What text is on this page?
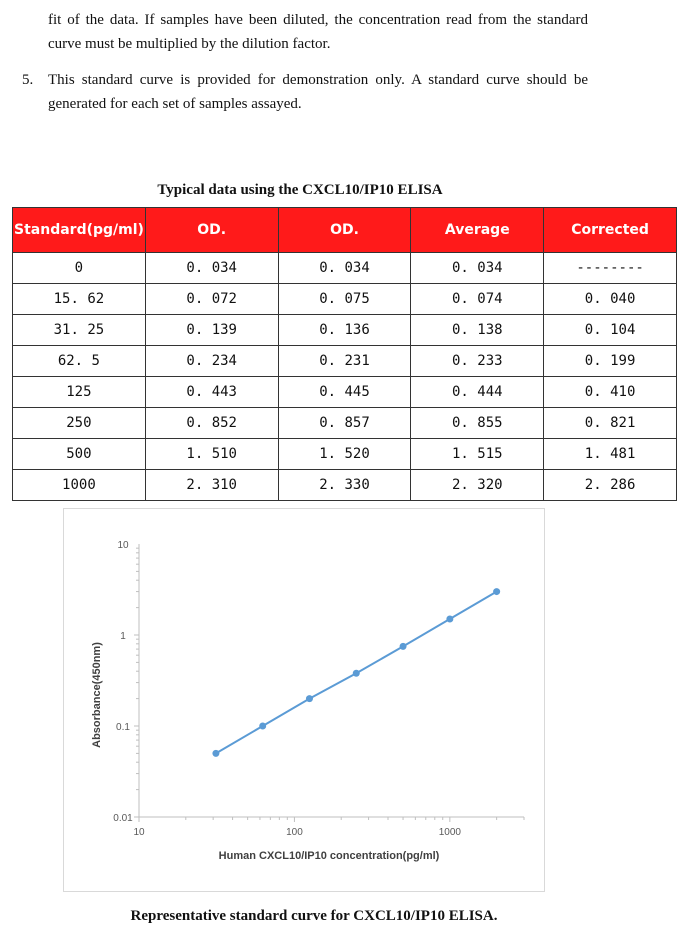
fit of the data. If samples have been diluted, the concentration read from the standard curve must be multiplied by the dilution factor.
5. This standard curve is provided for demonstration only. A standard curve should be generated for each set of samples assayed.
Typical data using the CXCL10/IP10 ELISA
Standard(pg/ml)	OD.	OD.	Average	Corrected
0	0. 034	0. 034	0. 034	--------
15. 62	0. 072	0. 075	0. 074	0. 040
31. 25	0. 139	0. 136	0. 138	0. 104
62. 5	0. 234	0. 231	0. 233	0. 199
125	0. 443	0. 445	0. 444	0. 410
250	0. 852	0. 857	0. 855	0. 821
500	1. 510	1. 520	1. 515	1. 481
1000	2. 310	2. 330	2. 320	2. 286
0.01
0.1
1
10
10	100	1000
Absorbance(450nm)
Human CXCL10/IP10 concentration(pg/ml)
Representative standard curve for CXCL10/IP10 ELISA.
